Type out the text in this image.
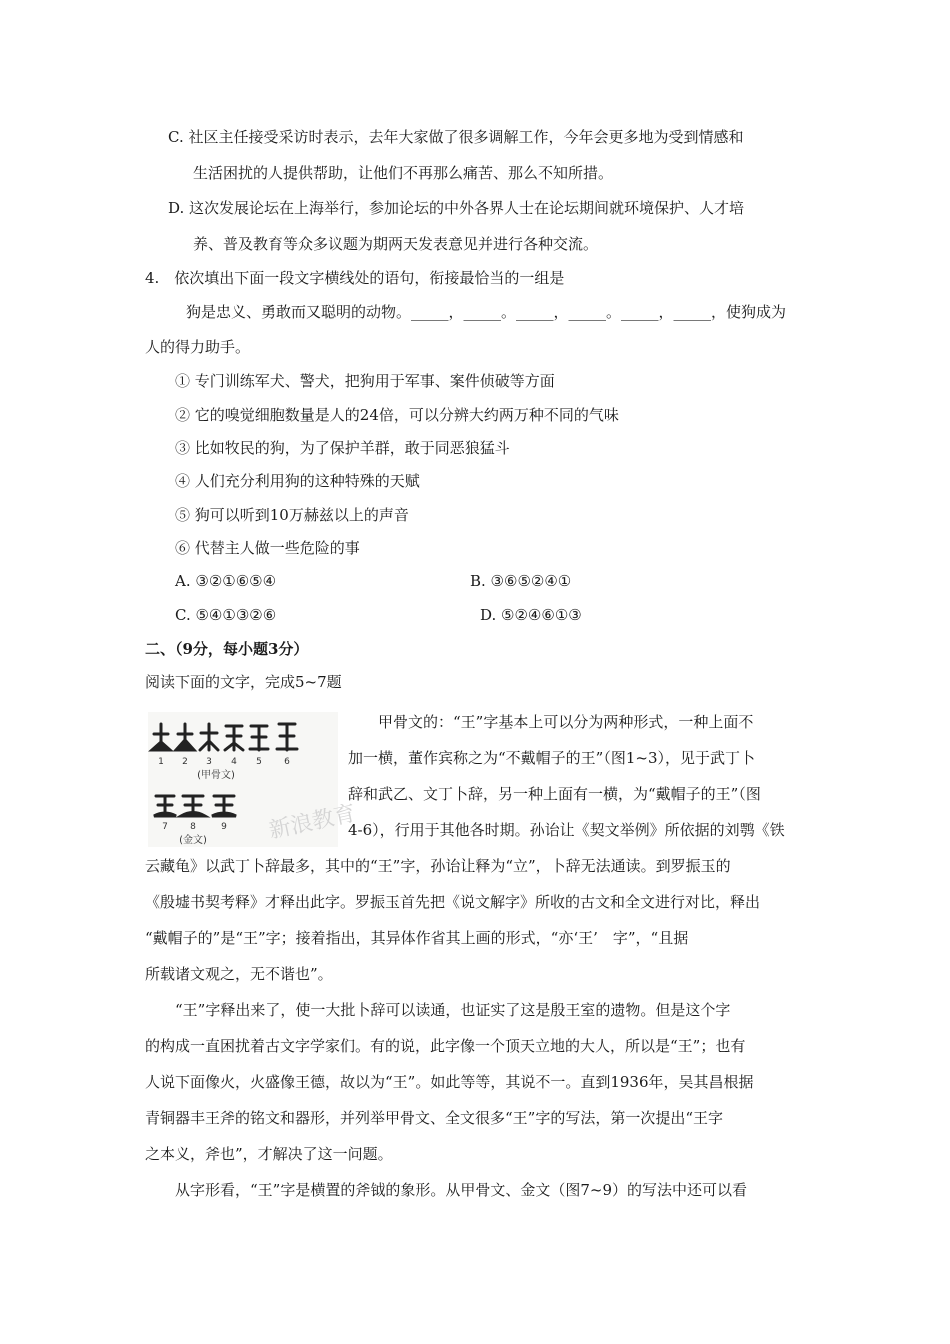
C. 社区主任接受采访时表示，去年大家做了很多调解工作，今年会更多地为受到情感和
生活困扰的人提供帮助，让他们不再那么痛苦、那么不知所措。
D. 这次发展论坛在上海举行，参加论坛的中外各界人士在论坛期间就环境保护、人才培
养、普及教育等众多议题为期两天发表意见并进行各种交流。
4.　依次填出下面一段文字横线处的语句，衔接最恰当的一组是
狗是忠义、勇敢而又聪明的动物。_____，_____。_____，_____。_____，_____，使狗成为
人的得力助手。
① 专门训练军犬、警犬，把狗用于军事、案件侦破等方面
② 它的嗅觉细胞数量是人的24倍，可以分辨大约两万种不同的气味
③ 比如牧民的狗，为了保护羊群，敢于同恶狼猛斗
④ 人们充分利用狗的这种特殊的天赋
⑤ 狗可以听到10万赫兹以上的声音
⑥ 代替主人做一些危险的事
A. ③②①⑥⑤④	B. ③⑥⑤②④①
C. ⑤④①③②⑥	D. ⑤②④⑥①③
二、（9分，每小题3分）
阅读下面的文字，完成5~7题
新浪教育
1 2 3 4 5 6
(甲骨文)
7 8	9
(金文)
甲骨文的：“王”字基本上可以分为两种形式，一种上面不
加一横，董作宾称之为“不戴帽子的王”（图1~3），见于武丁卜
辞和武乙、文丁卜辞，另一种上面有一横，为“戴帽子的王”（图
4-6），行用于其他各时期。孙诒让《契文举例》所依据的刘鹗《铁
云藏龟》以武丁卜辞最多，其中的“王”字，孙诒让释为“立”，卜辞无法通读。到罗振玉的
《殷墟书契考释》才释出此字。罗振玉首先把《说文解字》所收的古文和全文进行对比，释出
“戴帽子的”是“王”字；接着指出，其异体作省其上画的形式，“亦‘王’　字”，“且据
所载诸文观之，无不谐也”。
“王”字释出来了，使一大批卜辞可以读通，也证实了这是殷王室的遗物。但是这个字
的构成一直困扰着古文字学家们。有的说，此字像一个顶天立地的大人，所以是“王”；也有
人说下面像火，火盛像王德，故以为“王”。如此等等，其说不一。直到1936年，吴其昌根据
青铜器丰王斧的铭文和器形，并列举甲骨文、全文很多“王”字的写法，第一次提出“王字
之本义，斧也”，才解决了这一问题。
从字形看，“王”字是横置的斧钺的象形。从甲骨文、金文（图7~9）的写法中还可以看
